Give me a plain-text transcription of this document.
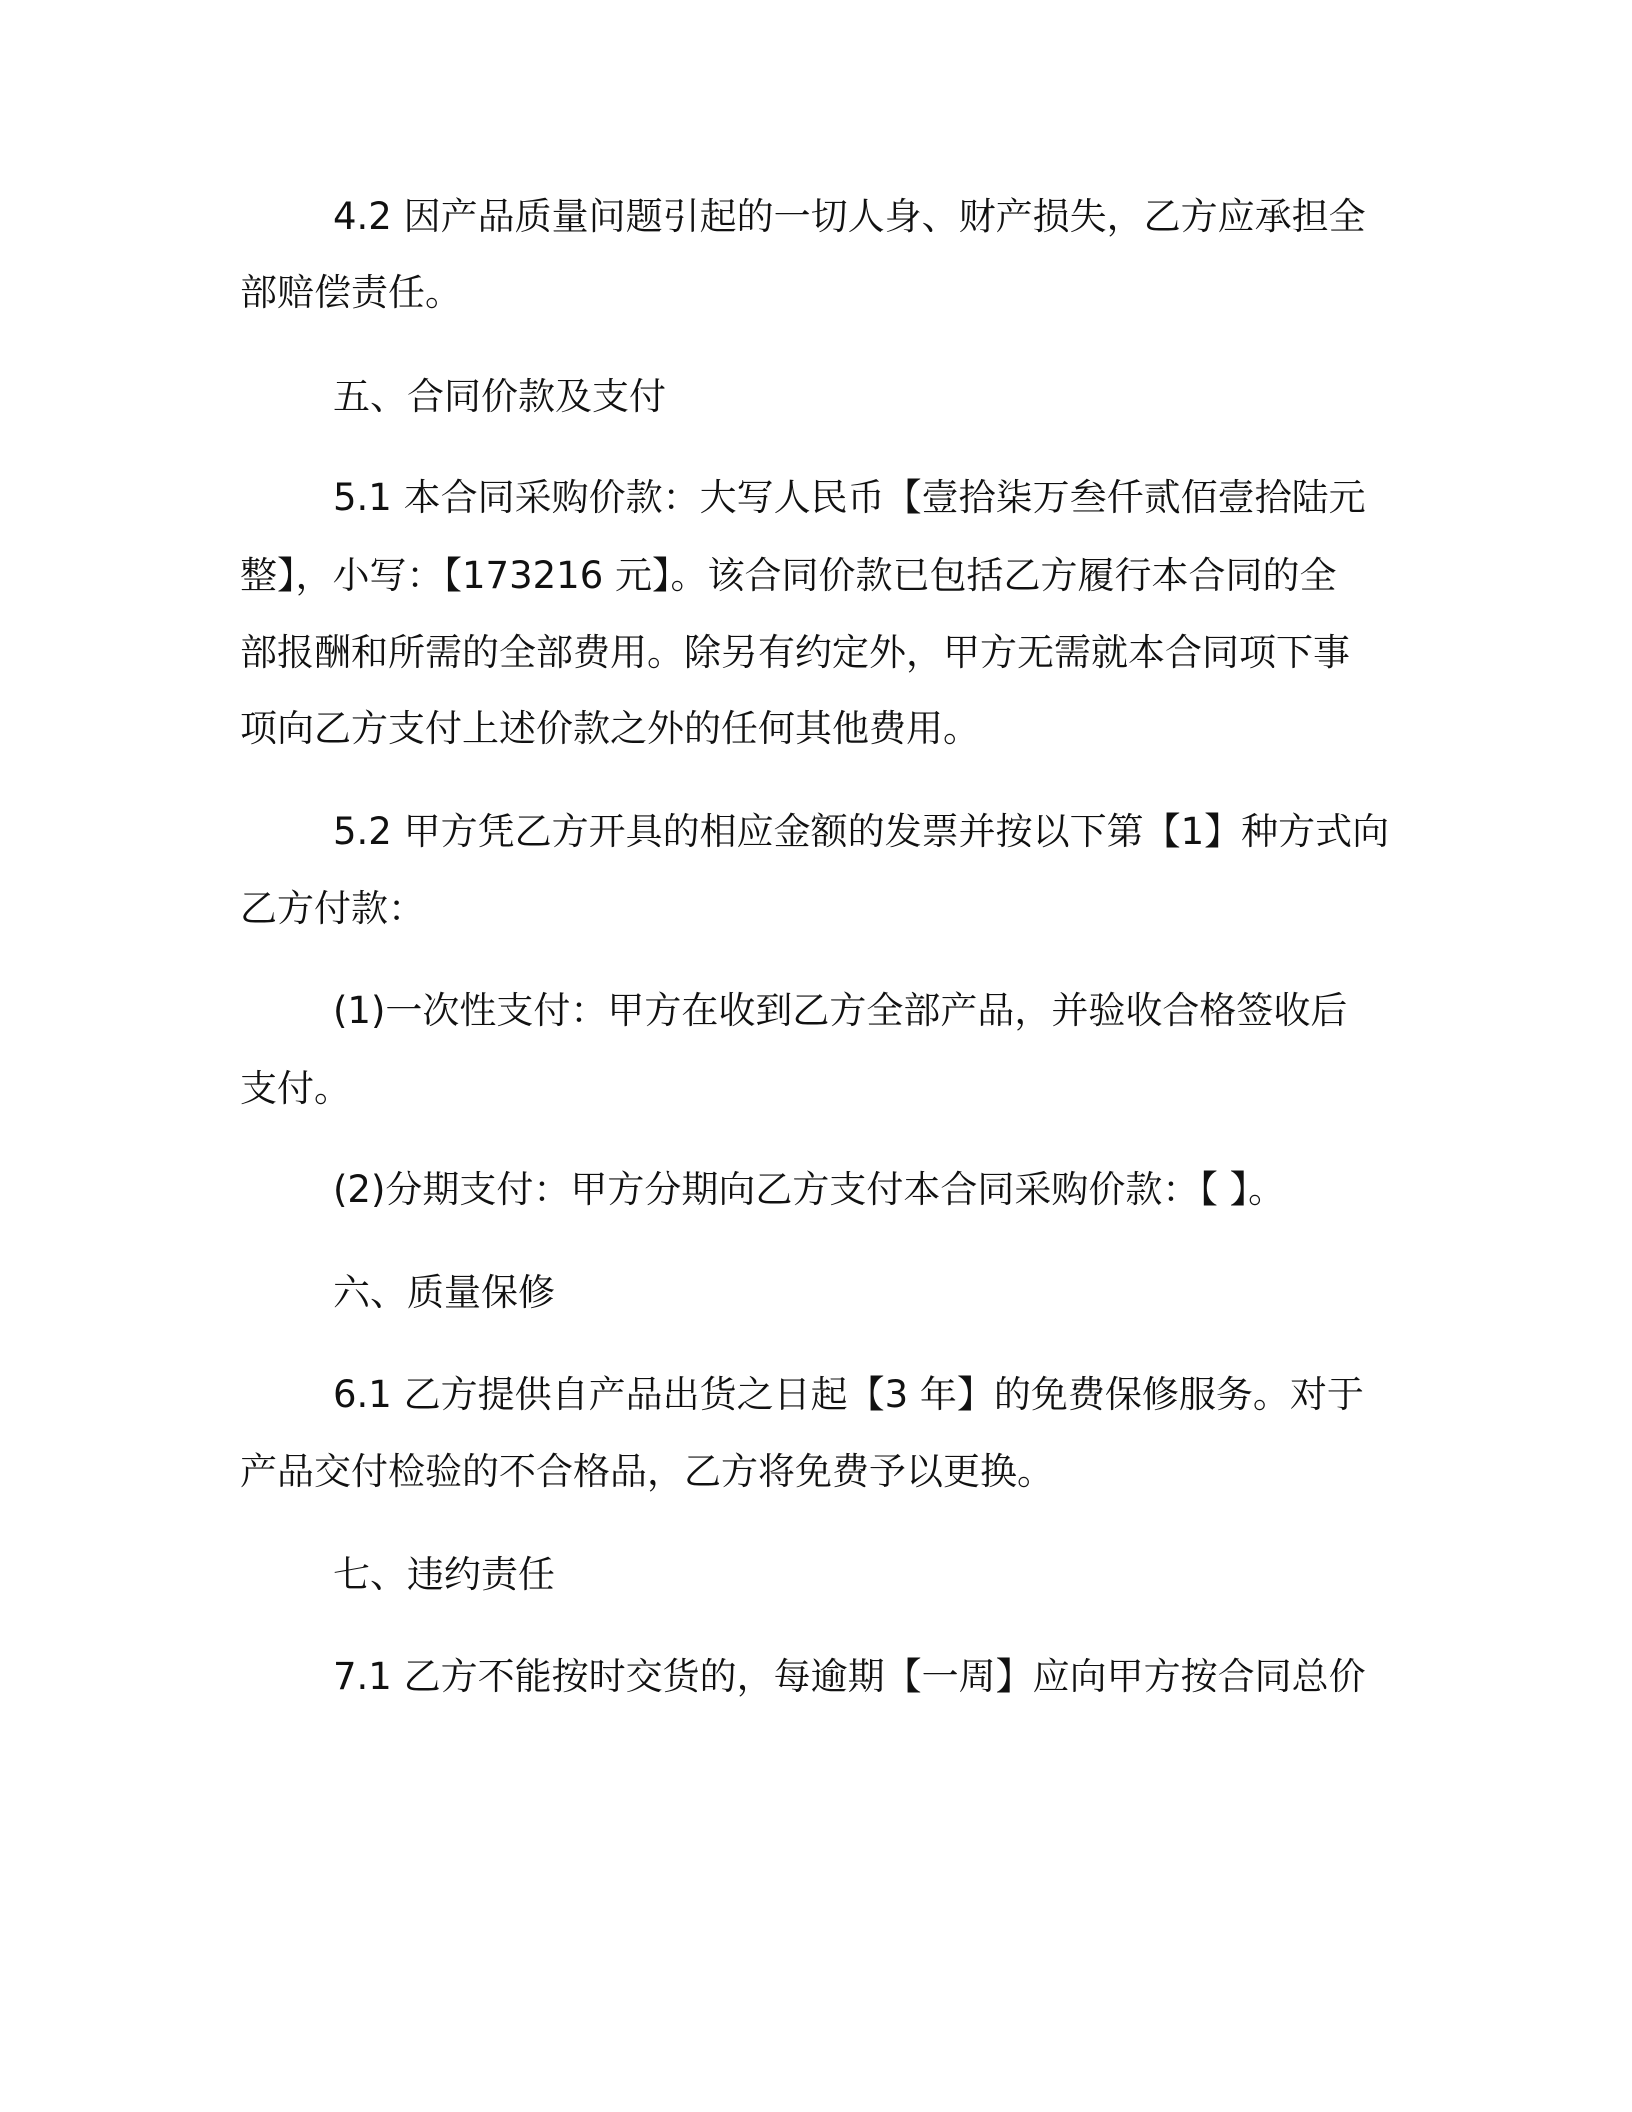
4.2 因产品质量问题引起的一切人身、财产损失，乙方应承担全
部赔偿责任。
五、合同价款及支付
5.1 本合同采购价款：大写人民币【壹拾柒万叁仟贰佰壹拾陆元
整】，小写：【173216 元】。该合同价款已包括乙方履行本合同的全
部报酬和所需的全部费用。除另有约定外，甲方无需就本合同项下事
项向乙方支付上述价款之外的任何其他费用。
5.2 甲方凭乙方开具的相应金额的发票并按以下第【1】种方式向
乙方付款：
(1)一次性支付：甲方在收到乙方全部产品，并验收合格签收后
支付。
(2)分期支付：甲方分期向乙方支付本合同采购价款：【 】。
六、质量保修
6.1 乙方提供自产品出货之日起【3 年】的免费保修服务。对于
产品交付检验的不合格品，乙方将免费予以更换。
七、违约责任
7.1 乙方不能按时交货的，每逾期【一周】应向甲方按合同总价
